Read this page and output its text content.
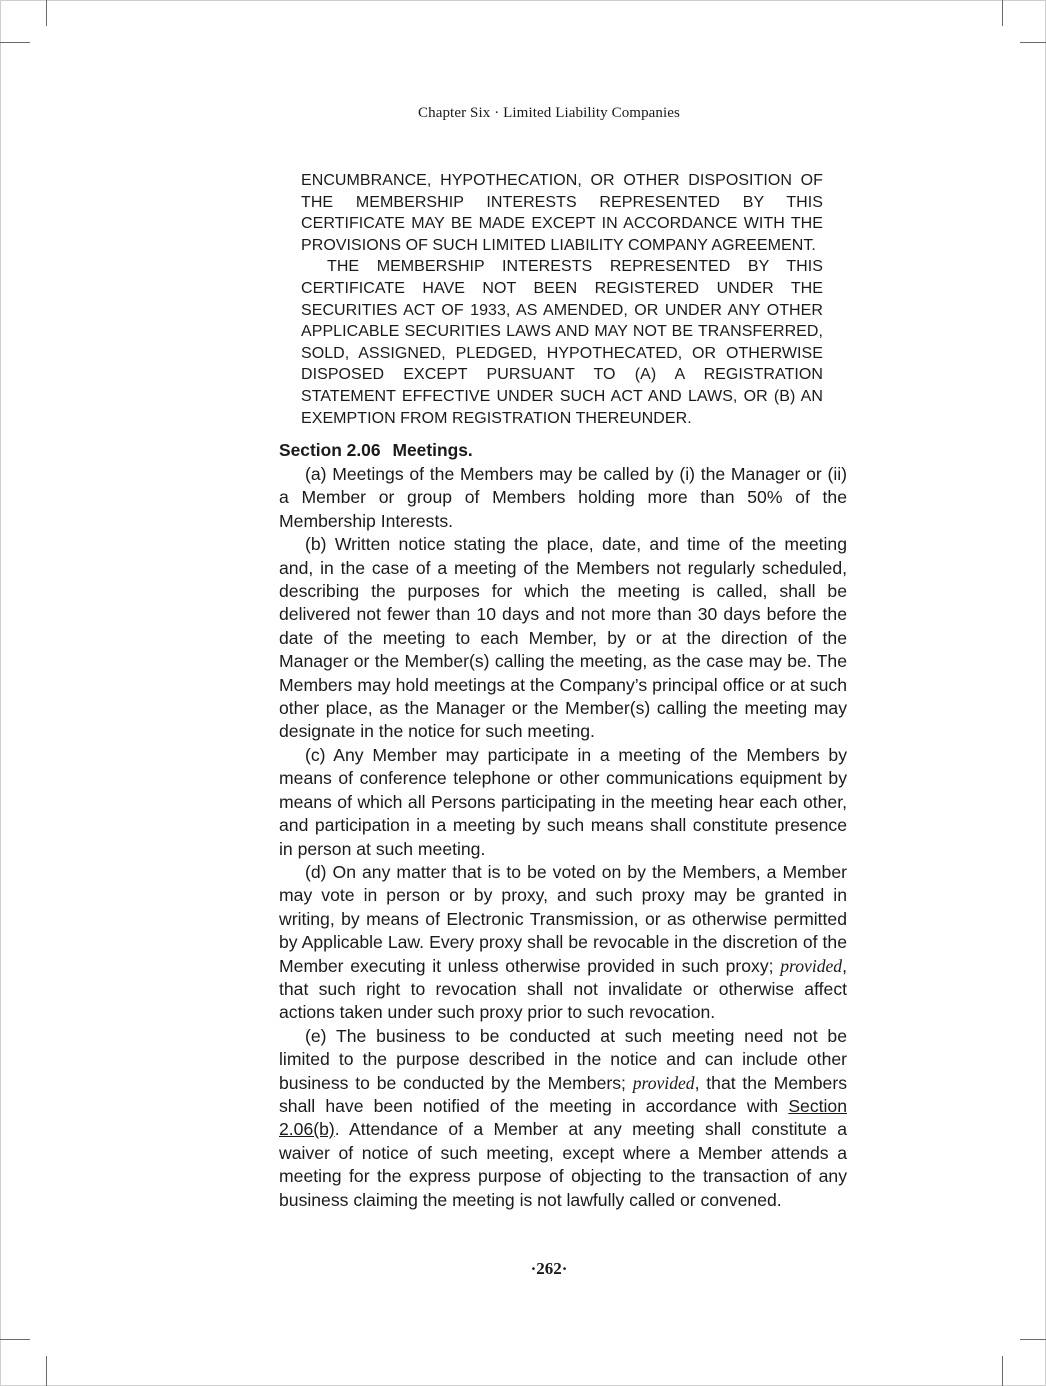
Chapter Six · Limited Liability Companies

ENCUMBRANCE, HYPOTHECATION, OR OTHER DISPOSITION OF THE MEMBERSHIP INTERESTS REPRESENTED BY THIS CERTIFICATE MAY BE MADE EXCEPT IN ACCORDANCE WITH THE PROVISIONS OF SUCH LIMITED LIABILITY COMPANY AGREEMENT.

THE MEMBERSHIP INTERESTS REPRESENTED BY THIS CERTIFICATE HAVE NOT BEEN REGISTERED UNDER THE SECURITIES ACT OF 1933, AS AMENDED, OR UNDER ANY OTHER APPLICABLE SECURITIES LAWS AND MAY NOT BE TRANSFERRED, SOLD, ASSIGNED, PLEDGED, HYPOTHECATED, OR OTHERWISE DISPOSED EXCEPT PURSUANT TO (A) A REGISTRATION STATEMENT EFFECTIVE UNDER SUCH ACT AND LAWS, OR (B) AN EXEMPTION FROM REGISTRATION THEREUNDER.

Section 2.06 Meetings.

(a) Meetings of the Members may be called by (i) the Manager or (ii) a Member or group of Members holding more than 50% of the Membership Interests.

(b) Written notice stating the place, date, and time of the meeting and, in the case of a meeting of the Members not regularly scheduled, describing the purposes for which the meeting is called, shall be delivered not fewer than 10 days and not more than 30 days before the date of the meeting to each Member, by or at the direction of the Manager or the Member(s) calling the meeting, as the case may be. The Members may hold meetings at the Company’s principal office or at such other place, as the Manager or the Member(s) calling the meeting may designate in the notice for such meeting.

(c) Any Member may participate in a meeting of the Members by means of conference telephone or other communications equipment by means of which all Persons participating in the meeting hear each other, and participation in a meeting by such means shall constitute presence in person at such meeting.

(d) On any matter that is to be voted on by the Members, a Member may vote in person or by proxy, and such proxy may be granted in writing, by means of Electronic Transmission, or as otherwise permitted by Applicable Law. Every proxy shall be revocable in the discretion of the Member executing it unless otherwise provided in such proxy; provided, that such right to revocation shall not invalidate or otherwise affect actions taken under such proxy prior to such revocation.

(e) The business to be conducted at such meeting need not be limited to the purpose described in the notice and can include other business to be conducted by the Members; provided, that the Members shall have been notified of the meeting in accordance with Section 2.06(b). Attendance of a Member at any meeting shall constitute a waiver of notice of such meeting, except where a Member attends a meeting for the express purpose of objecting to the transaction of any business claiming the meeting is not lawfully called or convened.

·262·
